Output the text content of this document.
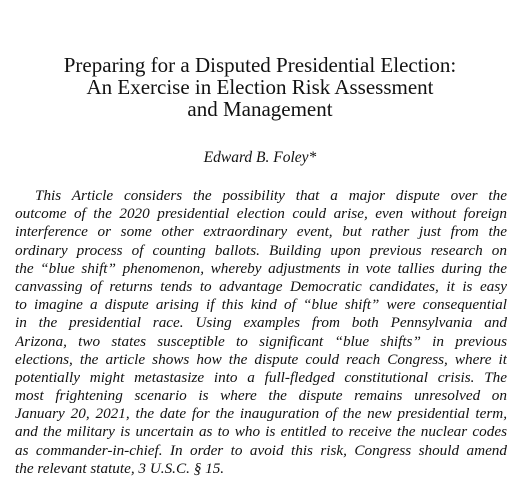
Preparing for a Disputed Presidential Election:
An Exercise in Election Risk Assessment
and Management
Edward B. Foley*
This Article considers the possibility that a major dispute over the
outcome of the 2020 presidential election could arise, even without foreign
interference or some other extraordinary event, but rather just from the
ordinary process of counting ballots. Building upon previous research on
the “blue shift” phenomenon, whereby adjustments in vote tallies during the
canvassing of returns tends to advantage Democratic candidates, it is easy
to imagine a dispute arising if this kind of “blue shift” were consequential
in the presidential race. Using examples from both Pennsylvania and
Arizona, two states susceptible to significant “blue shifts” in previous
elections, the article shows how the dispute could reach Congress, where it
potentially might metastasize into a full-fledged constitutional crisis. The
most frightening scenario is where the dispute remains unresolved on
January 20, 2021, the date for the inauguration of the new presidential term,
and the military is uncertain as to who is entitled to receive the nuclear codes
as commander-in-chief. In order to avoid this risk, Congress should amend
the relevant statute, 3 U.S.C. § 15.
